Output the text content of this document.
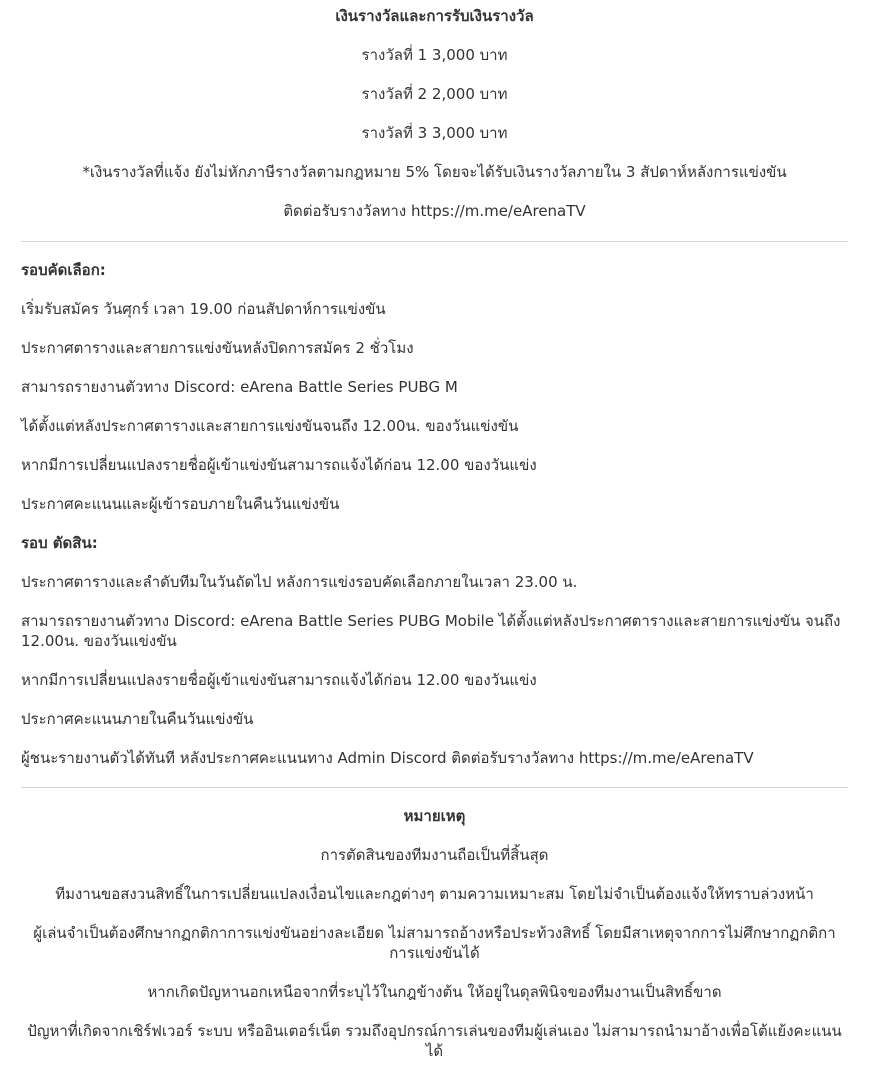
เงินรางวัลและการรับเงินรางวัล
รางวัลที่ 1 3,000 บาท
รางวัลที่ 2 2,000 บาท
รางวัลที่ 3 3,000 บาท
*เงินรางวัลที่แจ้ง ยังไม่หักภาษีรางวัลตามกฎหมาย 5% โดยจะได้รับเงินรางวัลภายใน 3 สัปดาห์หลังการแข่งขัน
ติดต่อรับรางวัลทาง https://m.me/eArenaTV
รอบคัดเลือก:
เริ่มรับสมัคร วันศุกร์ เวลา 19.00 ก่อนสัปดาห์การแข่งขัน
ประกาศตารางและสายการแข่งขันหลังปิดการสมัคร 2 ชั่วโมง
สามารถรายงานตัวทาง Discord: eArena Battle Series PUBG M
ได้ตั้งแต่หลังประกาศตารางและสายการแข่งขันจนถึง 12.00น. ของวันแข่งขัน
หากมีการเปลี่ยนแปลงรายชื่อผู้เข้าแข่งขันสามารถแจ้งได้ก่อน 12.00 ของวันแข่ง
ประกาศคะแนนและผู้เข้ารอบภายในคืนวันแข่งขัน
รอบ ตัดสิน:
ประกาศตารางและลำดับทีมในวันถัดไป หลังการแข่งรอบคัดเลือกภายในเวลา 23.00 น.
สามารถรายงานตัวทาง Discord: eArena Battle Series PUBG Mobile ได้ตั้งแต่หลังประกาศตารางและสายการแข่งขัน จนถึง 12.00น. ของวันแข่งขัน
หากมีการเปลี่ยนแปลงรายชื่อผู้เข้าแข่งขันสามารถแจ้งได้ก่อน 12.00 ของวันแข่ง
ประกาศคะแนนภายในคืนวันแข่งขัน
ผู้ชนะรายงานตัวได้ทันที หลังประกาศคะแนนทาง Admin Discord ติดต่อรับรางวัลทาง https://m.me/eArenaTV
หมายเหตุ
การตัดสินของทีมงานถือเป็นที่สิ้นสุด
ทีมงานขอสงวนสิทธิ์ในการเปลี่ยนแปลงเงื่อนไขและกฎต่างๆ ตามความเหมาะสม โดยไม่จำเป็นต้องแจ้งให้ทราบล่วงหน้า
ผู้เล่นจำเป็นต้องศึกษากฏกติกาการแข่งขันอย่างละเอียด ไม่สามารถอ้างหรือประท้วงสิทธิ์ โดยมีสาเหตุจากการไม่ศึกษากฏกติกาการแข่งขันได้
หากเกิดปัญหานอกเหนือจากที่ระบุไว้ในกฎข้างต้น ให้อยู่ในดุลพินิจของทีมงานเป็นสิทธิ์ขาด
ปัญหาที่เกิดจากเชิร์ฟเวอร์ ระบบ หรืออินเตอร์เน็ต รวมถึงอุปกรณ์การเล่นของทีมผู้เล่นเอง ไม่สามารถนำมาอ้างเพื่อโต้แย้งคะแนนได้
